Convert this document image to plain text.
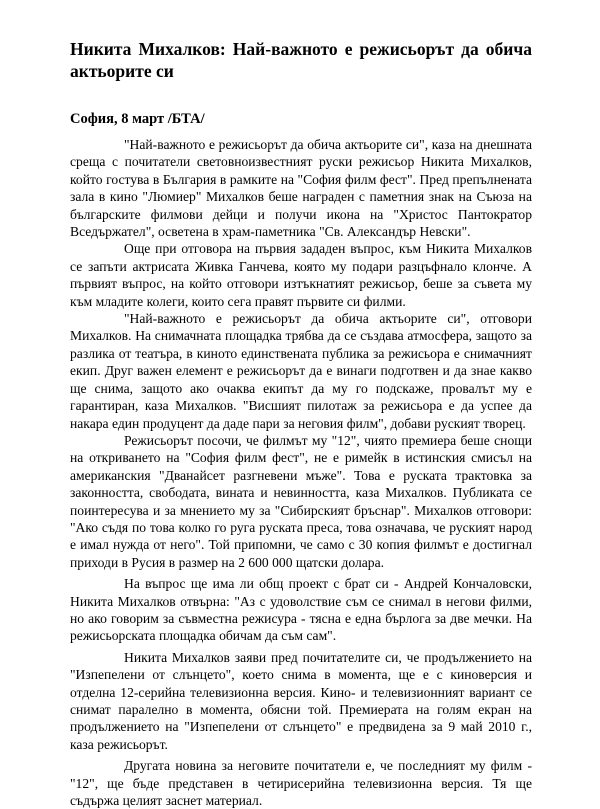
Никита Михалков: Най-важното е режисьорът да обича актьорите си

София, 8 март /БТА/

"Най-важното е режисьорът да обича актьорите си", каза на днешната среща с почитатели световноизвестният руски режисьор Никита Михалков, който гостува в България в рамките на "София филм фест". Пред препълнената зала в кино "Люмиер" Михалков беше награден с паметния знак на Съюза на българските филмови дейци и получи икона на "Христос Пантократор Вседържател", осветена в храм-паметника "Св. Александър Невски".

Още при отговора на първия зададен въпрос, към Никита Михалков се запъти актрисата Живка Ганчева, която му подари разцъфнало клонче. А първият въпрос, на който отговори изтъкнатият режисьор, беше за съвета му към младите колеги, които сега правят първите си филми.

"Най-важното е режисьорът да обича актьорите си", отговори Михалков. На снимачната площадка трябва да се създава атмосфера, защото за разлика от театъра, в киното единствената публика за режисьора е снимачният екип. Друг важен елемент е режисьорът да е винаги подготвен и да знае какво ще снима, защото ако очаква екипът да му го подскаже, провалът му е гарантиран, каза Михалков. "Висшият пилотаж за режисьора е да успее да накара един продуцент да даде пари за неговия филм", добави руският творец.

Режисьорът посочи, че филмът му "12", чиято премиера беше снощи на откриването на "София филм фест", не е римейк в истинския смисъл на американския "Дванайсет разгневени мъже". Това е руската трактовка за законността, свободата, вината и невинността, каза Михалков. Публиката се поинтересува и за мнението му за "Сибирският бръснар". Михалков отговори: "Ако съдя по това колко го руга руската преса, това означава, че руският народ е имал нужда от него". Той припомни, че само с 30 копия филмът е достигнал приходи в Русия в размер на 2 600 000 щатски долара.

На въпрос ще има ли общ проект с брат си - Андрей Кончаловски, Никита Михалков отвърна: "Аз с удоволствие съм се снимал в негови филми, но ако говорим за съвместна режисура - тясна е една бърлога за две мечки. На режисьорската площадка обичам да съм сам".

Никита Михалков заяви пред почитателите си, че продължението на "Изпепелени от слънцето", което снима в момента, ще е с киноверсия и отделна 12-серийна телевизионна версия. Кино- и телевизионният вариант се снимат паралелно в момента, обясни той. Премиерата на голям екран на продължението на "Изпепелени от слънцето" е предвидена за 9 май 2010 г., каза режисьорът.

Другата новина за неговите почитатели е, че последният му филм - "12", ще бъде представен в четирисерийна телевизионна версия. Тя ще съдържа целият заснет материал.
